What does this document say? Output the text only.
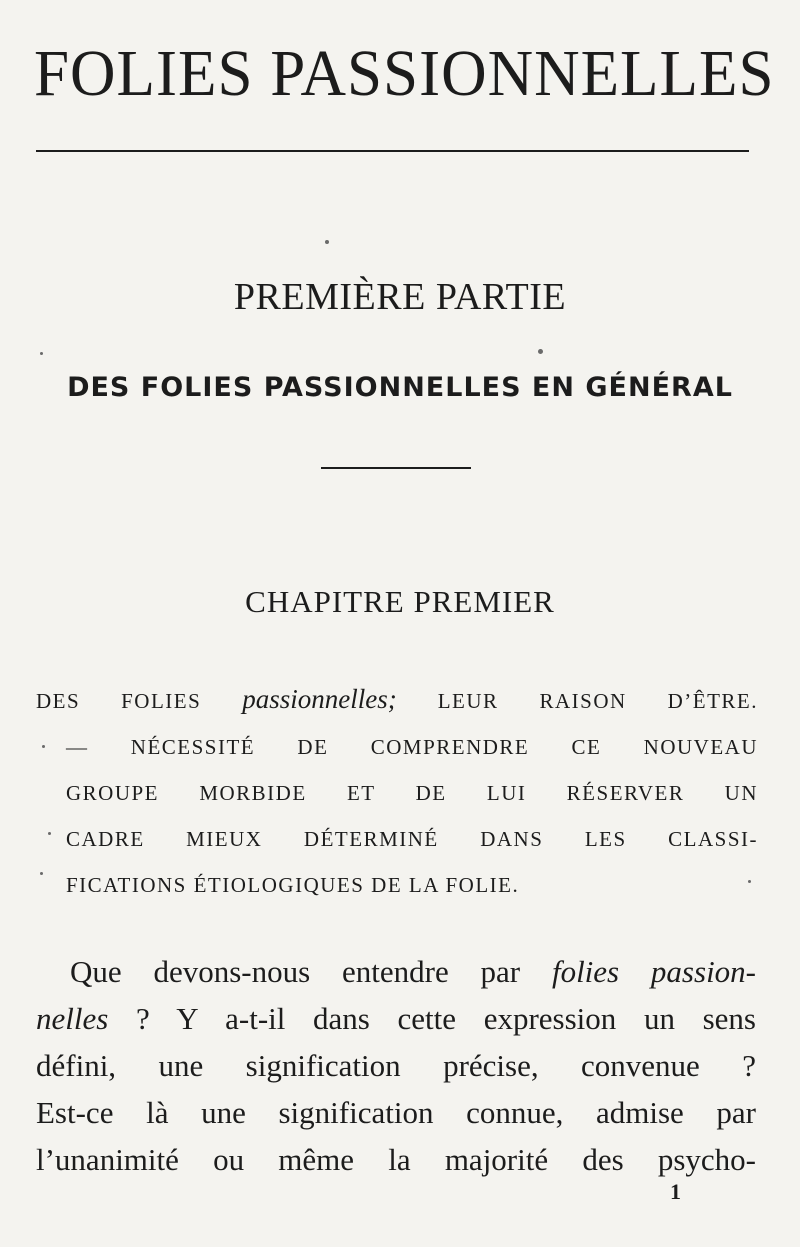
FOLIES PASSIONNELLES
PREMIÈRE PARTIE
DES FOLIES PASSIONNELLES EN GÉNÉRAL
CHAPITRE PREMIER
DES FOLIES passionnelles; LEUR RAISON D’ÊTRE.
— NÉCESSITÉ DE COMPRENDRE CE NOUVEAU
GROUPE MORBIDE ET DE LUI RÉSERVER UN
CADRE MIEUX DÉTERMINÉ DANS LES CLASSI-
FICATIONS ÉTIOLOGIQUES DE LA FOLIE.
Que devons-nous entendre par folies passion-
nelles ? Y a-t-il dans cette expression un sens
défini, une signification précise, convenue ?
Est-ce là une signification connue, admise par
l’unanimité ou même la majorité des psycho-
1
